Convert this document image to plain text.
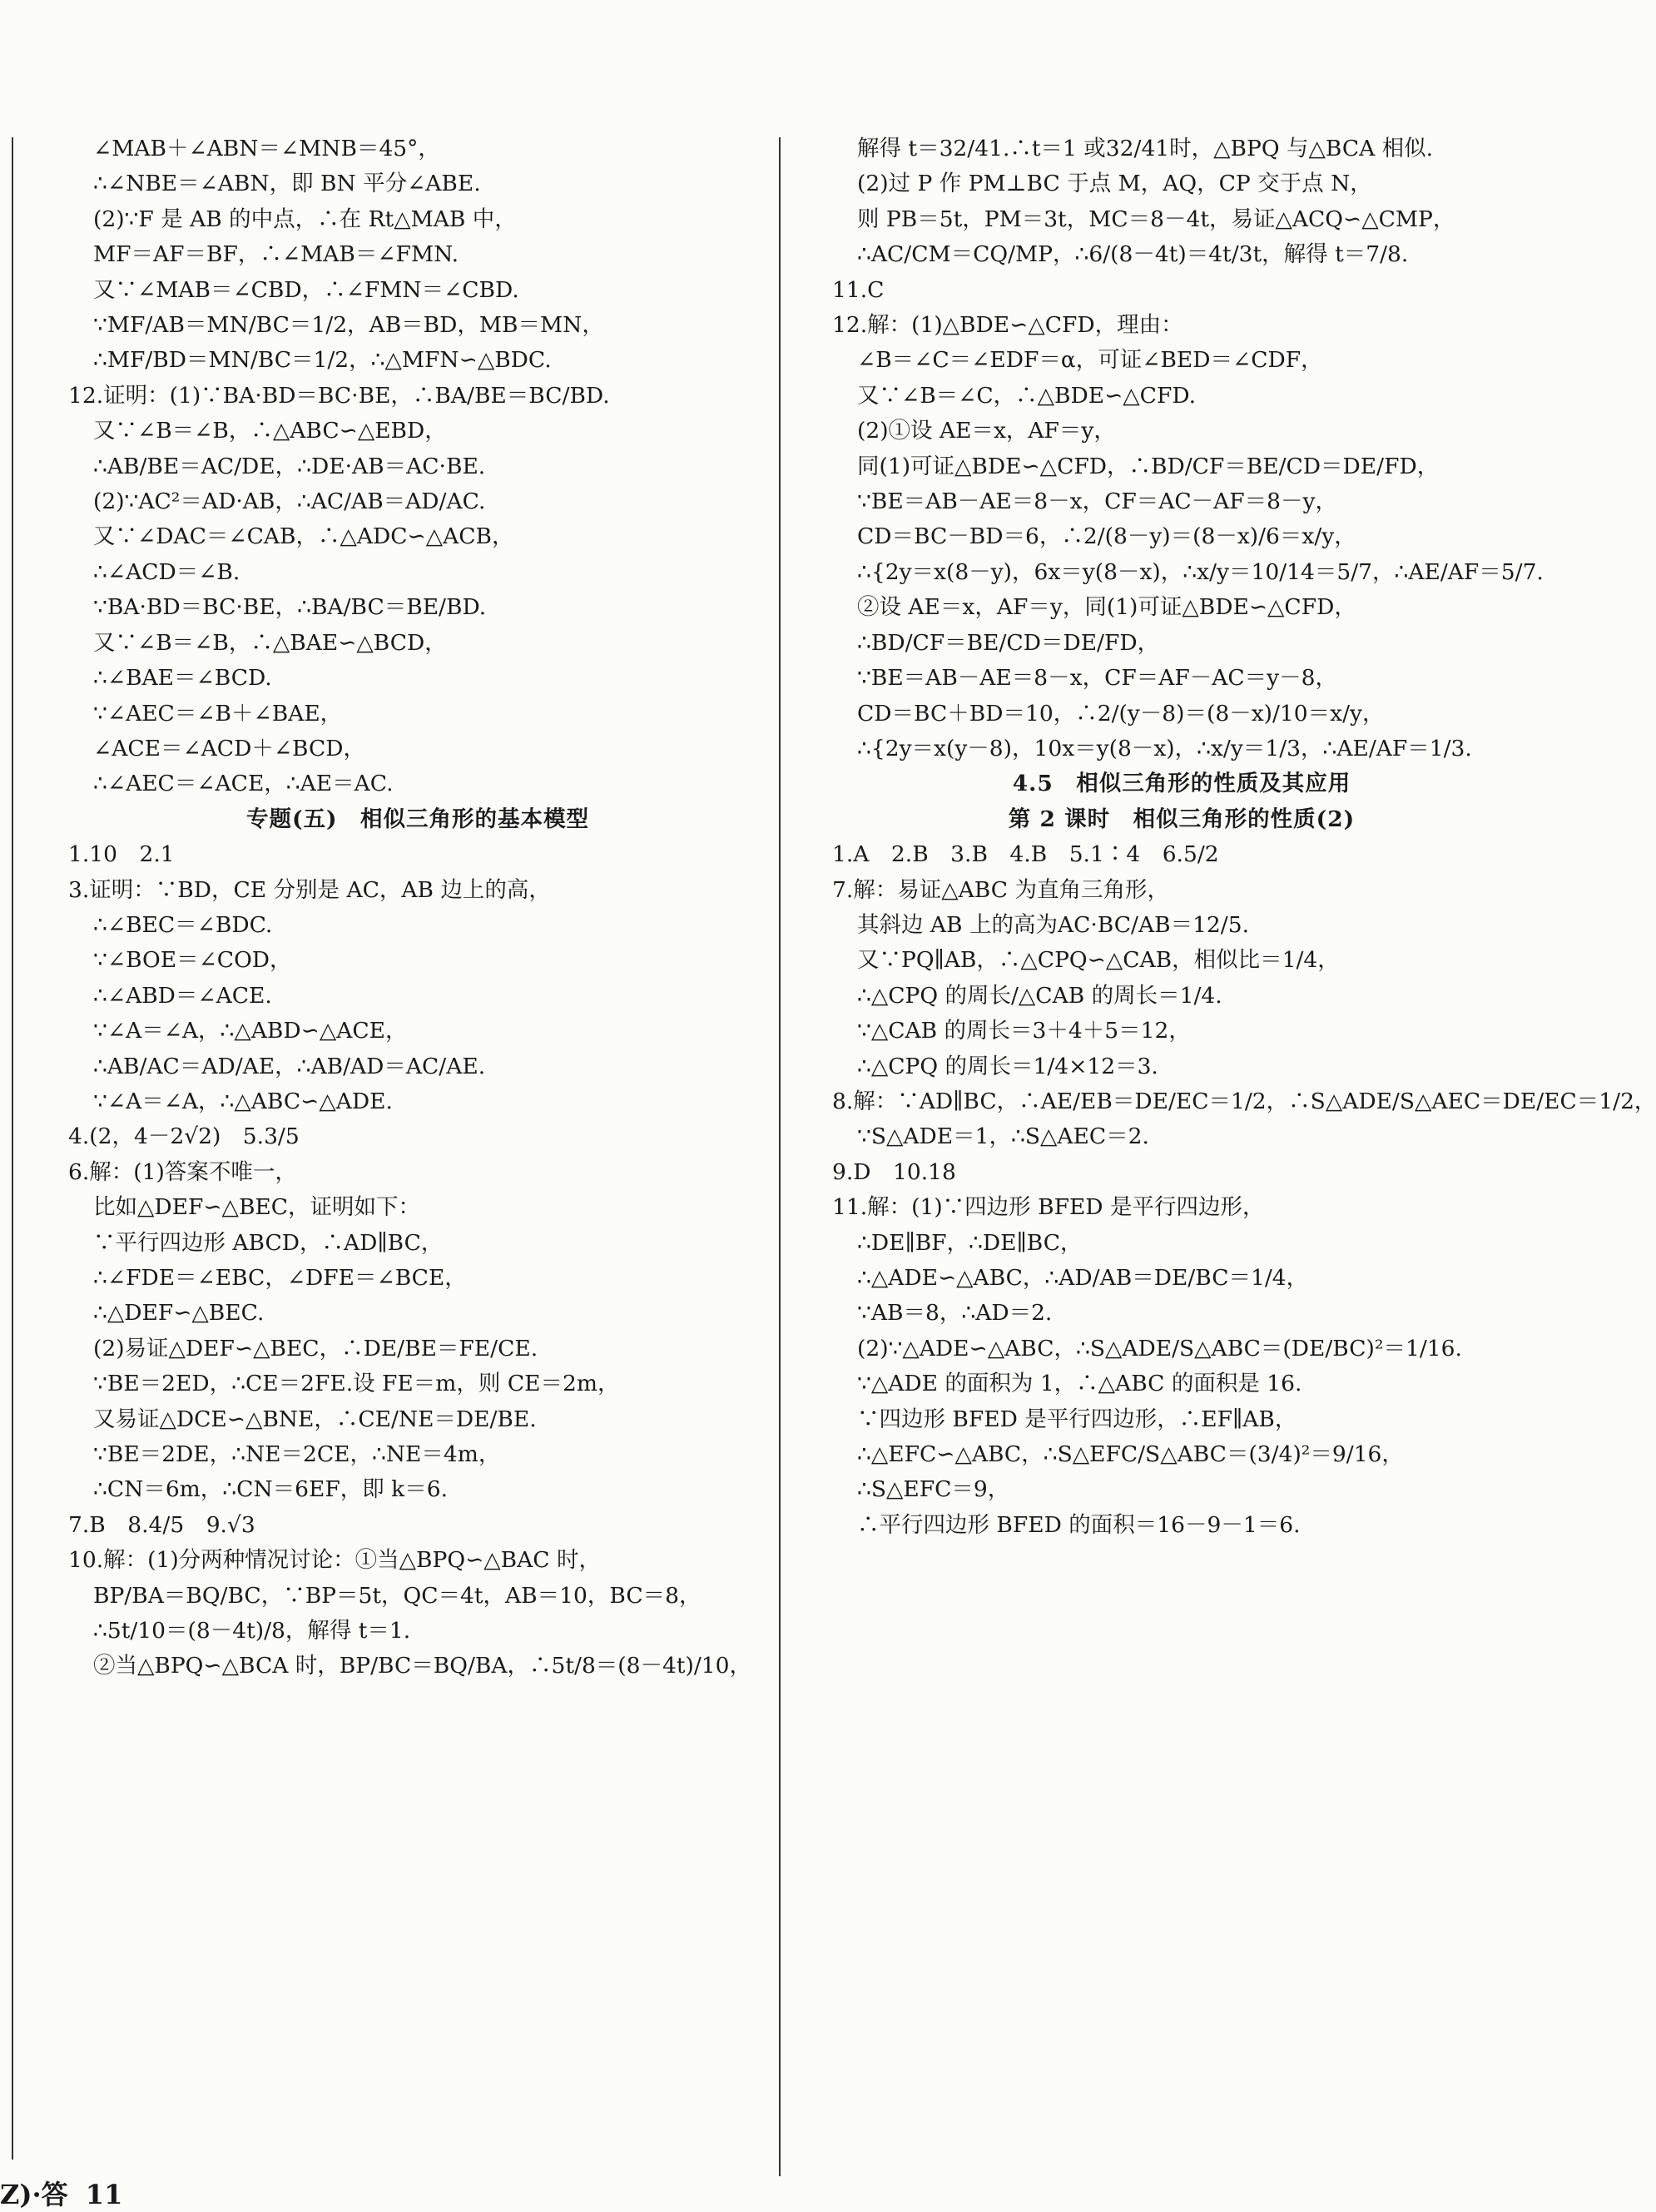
∠MAB＋∠ABN＝∠MNB＝45°，
∴∠NBE＝∠ABN，即 BN 平分∠ABE.
(2)∵F 是 AB 的中点，∴在 Rt△MAB 中，
MF＝AF＝BF，∴∠MAB＝∠FMN.
又∵∠MAB＝∠CBD，∴∠FMN＝∠CBD.
∵MF/AB＝MN/BC＝1/2，AB＝BD，MB＝MN，
∴MF/BD＝MN/BC＝1/2，∴△MFN∽△BDC.
12.证明：(1)∵BA·BD＝BC·BE，∴BA/BE＝BC/BD.
又∵∠B＝∠B，∴△ABC∽△EBD，
∴AB/BE＝AC/DE，∴DE·AB＝AC·BE.
(2)∵AC²＝AD·AB，∴AC/AB＝AD/AC.
又∵∠DAC＝∠CAB，∴△ADC∽△ACB，
∴∠ACD＝∠B.
∵BA·BD＝BC·BE，∴BA/BC＝BE/BD.
又∵∠B＝∠B，∴△BAE∽△BCD，
∴∠BAE＝∠BCD.
∵∠AEC＝∠B＋∠BAE，
∠ACE＝∠ACD＋∠BCD，
∴∠AEC＝∠ACE，∴AE＝AC.
专题(五)　相似三角形的基本模型
1.10　2.1
3.证明：∵BD，CE 分别是 AC，AB 边上的高，
∴∠BEC＝∠BDC.
∵∠BOE＝∠COD，
∴∠ABD＝∠ACE.
∵∠A＝∠A，∴△ABD∽△ACE，
∴AB/AC＝AD/AE，∴AB/AD＝AC/AE.
∵∠A＝∠A，∴△ABC∽△ADE.
4.(2，4－2√2)　5.3/5
6.解：(1)答案不唯一，
比如△DEF∽△BEC，证明如下：
∵平行四边形 ABCD，∴AD∥BC，
∴∠FDE＝∠EBC，∠DFE＝∠BCE，
∴△DEF∽△BEC.
(2)易证△DEF∽△BEC，∴DE/BE＝FE/CE.
∵BE＝2ED，∴CE＝2FE.设 FE＝m，则 CE＝2m，
又易证△DCE∽△BNE，∴CE/NE＝DE/BE.
∵BE＝2DE，∴NE＝2CE，∴NE＝4m，
∴CN＝6m，∴CN＝6EF，即 k＝6.
7.B　8.4/5　9.√3
10.解：(1)分两种情况讨论：①当△BPQ∽△BAC 时，
BP/BA＝BQ/BC，∵BP＝5t，QC＝4t，AB＝10，BC＝8，
∴5t/10＝(8－4t)/8，解得 t＝1.
②当△BPQ∽△BCA 时，BP/BC＝BQ/BA，∴5t/8＝(8－4t)/10，
解得 t＝32/41.∴t＝1 或32/41时，△BPQ 与△BCA 相似.
(2)过 P 作 PM⊥BC 于点 M，AQ，CP 交于点 N，
则 PB＝5t，PM＝3t，MC＝8－4t，易证△ACQ∽△CMP，
∴AC/CM＝CQ/MP，∴6/(8－4t)＝4t/3t，解得 t＝7/8.
11.C
12.解：(1)△BDE∽△CFD，理由：
∠B＝∠C＝∠EDF＝α，可证∠BED＝∠CDF，
又∵∠B＝∠C，∴△BDE∽△CFD.
(2)①设 AE＝x，AF＝y，
同(1)可证△BDE∽△CFD，∴BD/CF＝BE/CD＝DE/FD，
∵BE＝AB－AE＝8－x，CF＝AC－AF＝8－y，
CD＝BC－BD＝6，∴2/(8－y)＝(8－x)/6＝x/y，
∴{2y＝x(8－y)，6x＝y(8－x)，∴x/y＝10/14＝5/7，∴AE/AF＝5/7.
②设 AE＝x，AF＝y，同(1)可证△BDE∽△CFD，
∴BD/CF＝BE/CD＝DE/FD，
∵BE＝AB－AE＝8－x，CF＝AF－AC＝y－8，
CD＝BC＋BD＝10，∴2/(y－8)＝(8－x)/10＝x/y，
∴{2y＝x(y－8)，10x＝y(8－x)，∴x/y＝1/3，∴AE/AF＝1/3.
4.5　相似三角形的性质及其应用
第 2 课时　相似三角形的性质(2)
1.A　2.B　3.B　4.B　5.1∶4　6.5/2
7.解：易证△ABC 为直角三角形，
其斜边 AB 上的高为AC·BC/AB＝12/5.
又∵PQ∥AB，∴△CPQ∽△CAB，相似比＝1/4，
∴△CPQ 的周长/△CAB 的周长＝1/4.
∵△CAB 的周长＝3＋4＋5＝12，
∴△CPQ 的周长＝1/4×12＝3.
8.解：∵AD∥BC，∴AE/EB＝DE/EC＝1/2，∴S△ADE/S△AEC＝DE/EC＝1/2，
∵S△ADE＝1，∴S△AEC＝2.
9.D　10.18
11.解：(1)∵四边形 BFED 是平行四边形，
∴DE∥BF，∴DE∥BC，
∴△ADE∽△ABC，∴AD/AB＝DE/BC＝1/4，
∵AB＝8，∴AD＝2.
(2)∵△ADE∽△ABC，∴S△ADE/S△ABC＝(DE/BC)²＝1/16.
∵△ADE 的面积为 1，∴△ABC 的面积是 16.
∵四边形 BFED 是平行四边形，∴EF∥AB，
∴△EFC∽△ABC，∴S△EFC/S△ABC＝(3/4)²＝9/16，
∴S△EFC＝9，
∴平行四边形 BFED 的面积＝16－9－1＝6.
Z)·答 11
